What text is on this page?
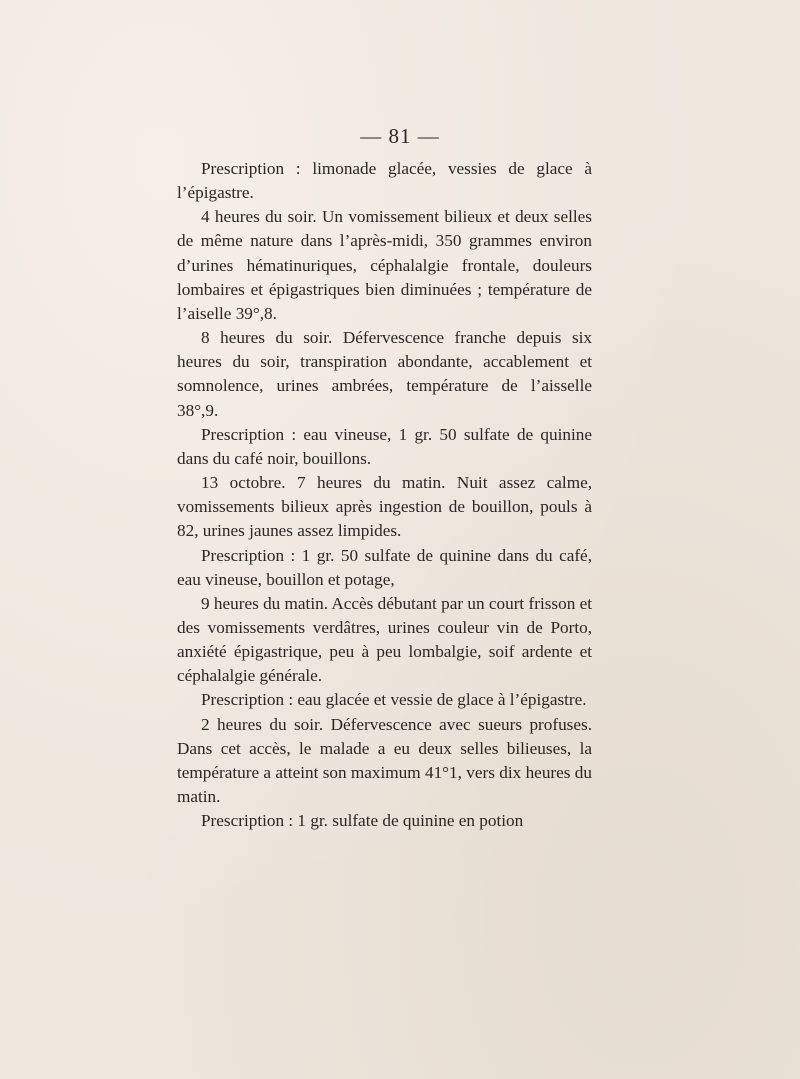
— 81 —

Prescription : limonade glacée, vessies de glace à l’épigastre.

4 heures du soir. Un vomissement bilieux et deux selles de même nature dans l’après-midi, 350 grammes environ d’urines hématinuriques, céphalalgie frontale, douleurs lombaires et épigastriques bien diminuées ; température de l’aiselle 39°,8.

8 heures du soir. Défervescence franche depuis six heures du soir, transpiration abondante, accablement et somnolence, urines ambrées, température de l’aisselle 38°,9.

Prescription : eau vineuse, 1 gr. 50 sulfate de quinine dans du café noir, bouillons.

13 octobre. 7 heures du matin. Nuit assez calme, vomissements bilieux après ingestion de bouillon, pouls à 82, urines jaunes assez limpides.

Prescription : 1 gr. 50 sulfate de quinine dans du café, eau vineuse, bouillon et potage,

9 heures du matin. Accès débutant par un court frisson et des vomissements verdâtres, urines couleur vin de Porto, anxiété épigastrique, peu à peu lombalgie, soif ardente et céphalalgie générale.

Prescription : eau glacée et vessie de glace à l’épigastre.

2 heures du soir. Défervescence avec sueurs profuses. Dans cet accès, le malade a eu deux selles bilieuses, la température a atteint son maximum 41°1, vers dix heures du matin.

Prescription : 1 gr. sulfate de quinine en potion
